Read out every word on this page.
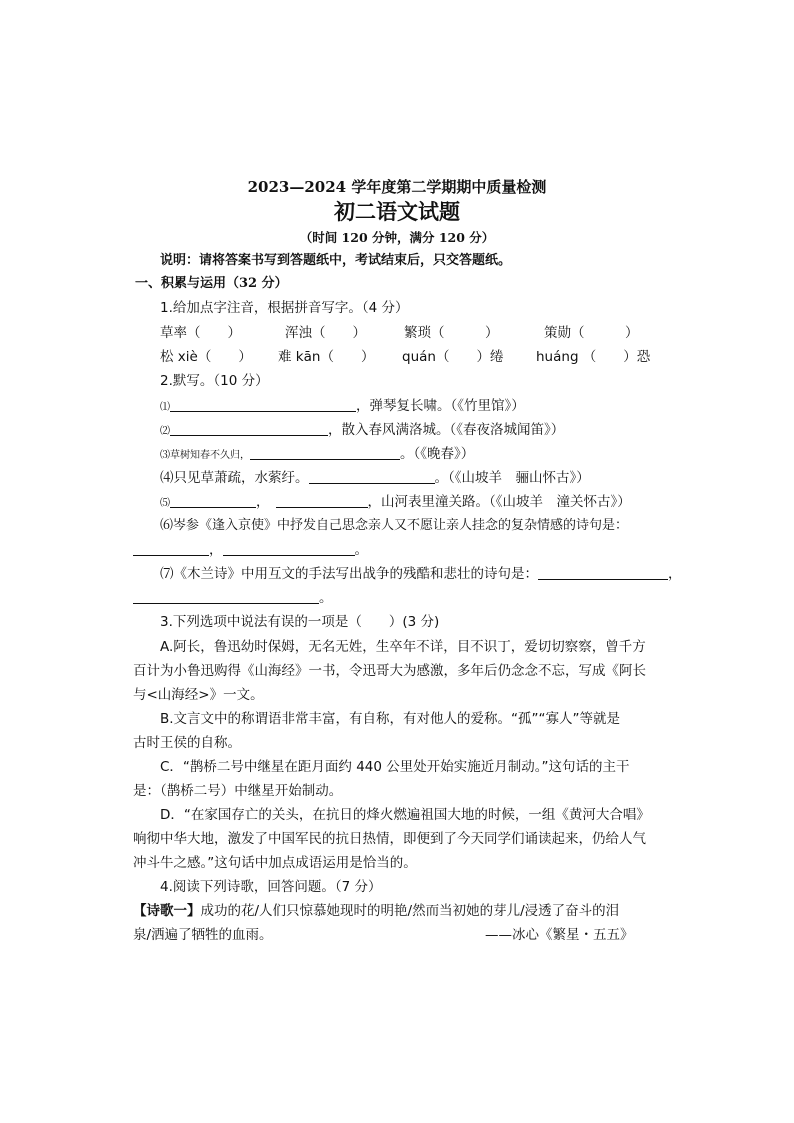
2023—2024 学年度第二学期期中质量检测
初二语文试题
（时间 120 分钟，满分 120 分）
说明：请将答案书写到答题纸中，考试结束后，只交答题纸。
一、积累与运用（32 分）
1.给加点字注音，根据拼音写字。（4 分）
草率（　　）	浑浊（　　）	繁琐（　　　）	策勋（　　　）
松 xiè（　　） 难 kān（　　） quán（　　）绻 huáng （　　）恐
2.默写。（10 分）
⑴	，弹琴复长啸。（《竹里馆》）
⑵	，散入春风满洛城。（《春夜洛城闻笛》）
⑶草树知春不久归，	。（《晚春》）
⑷只见草萧疏，水萦纡。	。（《山坡羊　骊山怀古》）
⑸	，	，山河表里潼关路。（《山坡羊　潼关怀古》）
⑹岑参《逢入京使》中抒发自己思念亲人又不愿让亲人挂念的复杂情感的诗句是：
，	。
⑺《木兰诗》中用互文的手法写出战争的残酷和悲壮的诗句是：	，
。
3.下列选项中说法有误的一项是（　　）(3 分)
A.阿长，鲁迅幼时保姆，无名无姓，生卒年不详，目不识丁，爱切切察察，曾千方
百计为小鲁迅购得《山海经》一书，令迅哥大为感激，多年后仍念念不忘，写成《阿长
与<山海经>》一文。
B.文言文中的称谓语非常丰富，有自称，有对他人的爱称。“孤”“寡人”等就是
古时王侯的自称。
C．“鹊桥二号中继星在距月面约 440 公里处开始实施近月制动。”这句话的主干
是：（鹊桥二号）中继星开始制动。
D．“在家国存亡的关头，在抗日的烽火燃遍祖国大地的时候，一组《黄河大合唱》
响彻中华大地，激发了中国军民的抗日热情，即便到了今天同学们诵读起来，仍给人气
冲斗牛之感。”这句话中加点成语运用是恰当的。
4.阅读下列诗歌，回答问题。（7 分）
【诗歌一】成功的花/人们只惊慕她现时的明艳/然而当初她的芽儿/浸透了奋斗的泪
泉/洒遍了牺牲的血雨。	——冰心《繁星・五五》
